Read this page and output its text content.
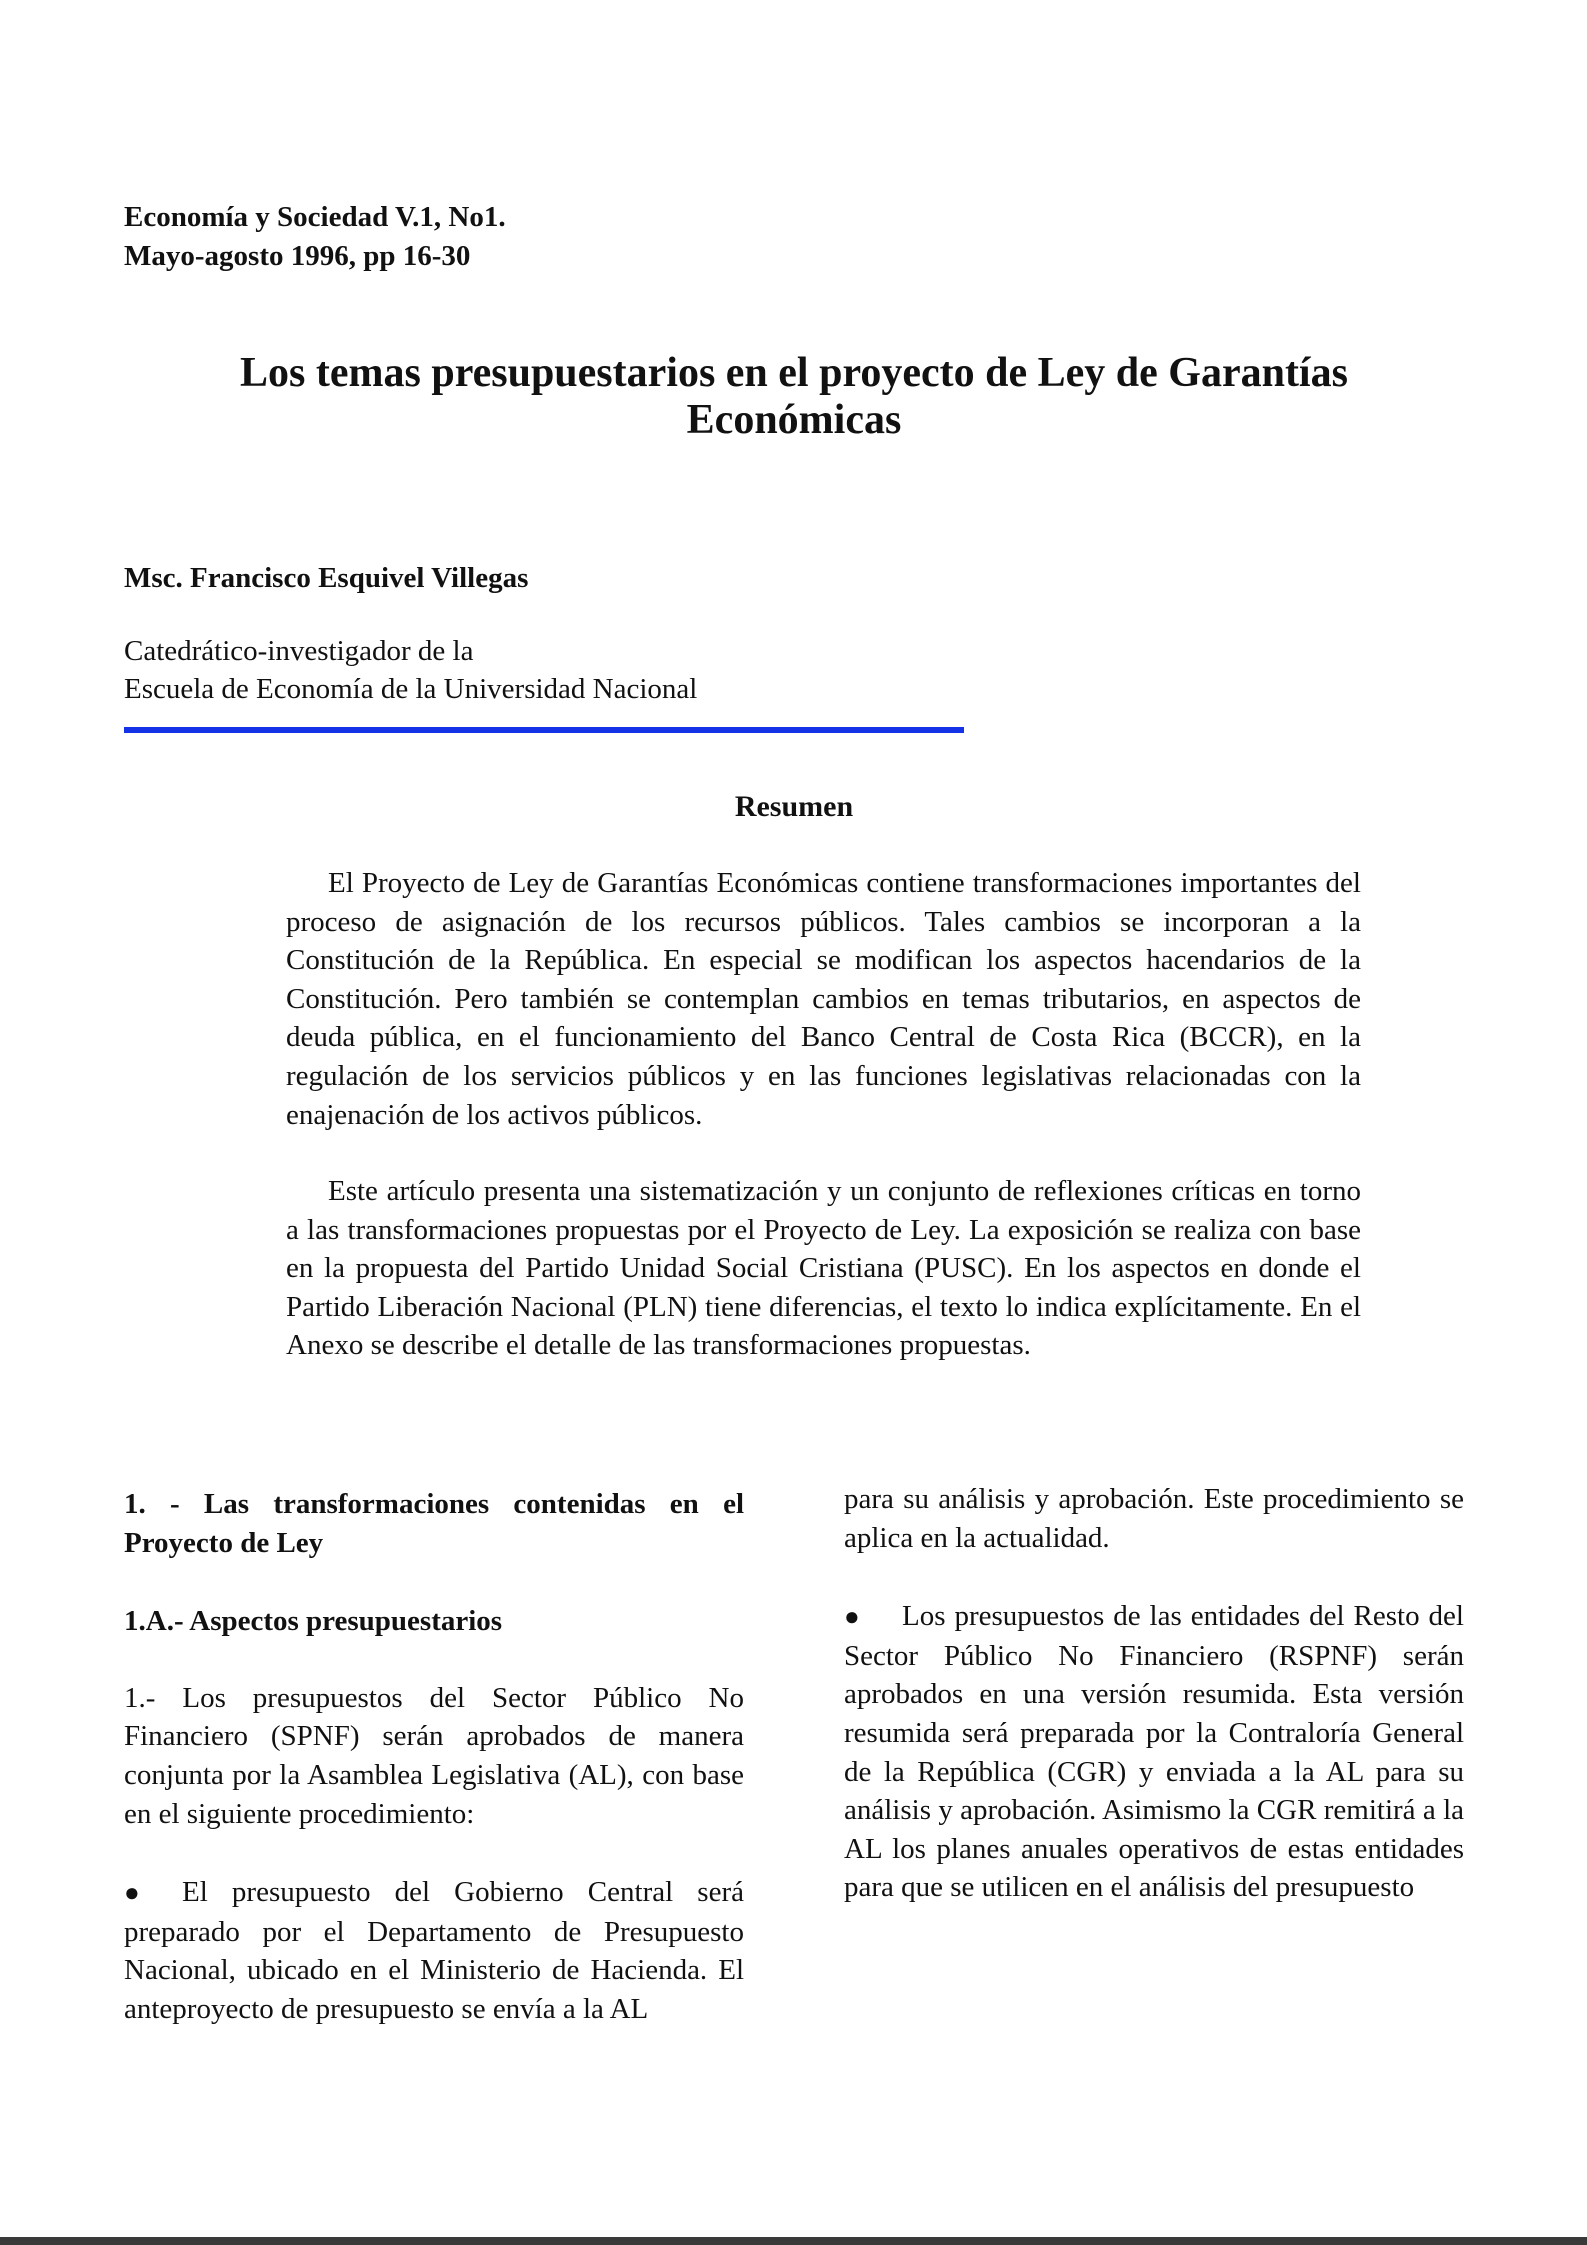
Economía y Sociedad V.1, No1.
Mayo-agosto 1996, pp 16-30
Los temas presupuestarios en el proyecto de Ley de Garantías
Económicas
Msc. Francisco Esquivel Villegas
Catedrático-investigador de la
Escuela de Economía de la Universidad Nacional
Resumen
El Proyecto de Ley de Garantías Económicas contiene transformaciones importantes del proceso de asignación de los recursos públicos. Tales cambios se incorporan a la Constitución de la República. En especial se modifican los aspectos hacendarios de la Constitución. Pero también se contemplan cambios en temas tributarios, en aspectos de deuda pública, en el funcionamiento del Banco Central de Costa Rica (BCCR), en la regulación de los servicios públicos y en las funciones legislativas relacionadas con la enajenación de los activos públicos.
Este artículo presenta una sistematización y un conjunto de reflexiones críticas en torno a las transformaciones propuestas por el Proyecto de Ley. La exposición se realiza con base en la propuesta del Partido Unidad Social Cristiana (PUSC). En los aspectos en donde el Partido Liberación Nacional (PLN) tiene diferencias, el texto lo indica explícitamente. En el Anexo se describe el detalle de las transformaciones propuestas.

1. - Las transformaciones contenidas en el Proyecto de Ley

1.A.- Aspectos presupuestarios

1.- Los presupuestos del Sector Público No Financiero (SPNF) serán aprobados de manera conjunta por la Asamblea Legislativa (AL), con base en el siguiente procedimiento:

● El presupuesto del Gobierno Central será preparado por el Departamento de Presupuesto Nacional, ubicado en el Ministerio de Hacienda. El anteproyecto de presupuesto se envía a la AL

para su análisis y aprobación. Este procedimiento se aplica en la actualidad.

● Los presupuestos de las entidades del Resto del Sector Público No Financiero (RSPNF) serán aprobados en una versión resumida. Esta versión resumida será preparada por la Contraloría General de la República (CGR) y enviada a la AL para su análisis y aprobación. Asimismo la CGR remitirá a la AL los planes anuales operativos de estas entidades para que se utilicen en el análisis del presupuesto
